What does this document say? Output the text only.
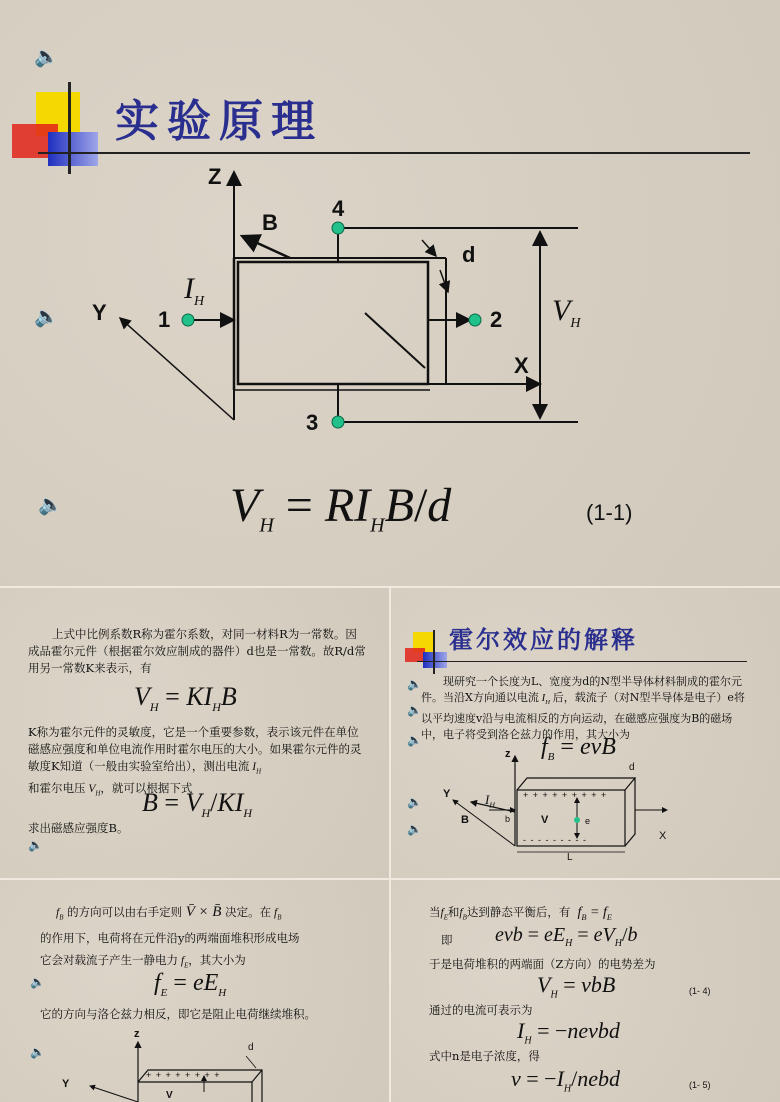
🔈
🔈
🔈
实验原理
Z
Y
X
B
d
1	2
3
4
$I_H$	$V_H$
$V_H = RI_HB/d$	(1-1)
上式中比例系数R称为霍尔系数，对同一材料R为一常数。因成品霍尔元件（根据霍尔效应制成的器件）d也是一常数。故R/d常用另一常数K来表示，有
$V_H = KI_HB$
K称为霍尔元件的灵敏度，它是一个重要参数，表示该元件在单位磁感应强度和单位电流作用时霍尔电压的大小。如果霍尔元件的灵敏度K知道（一般由实验室给出），测出电流 $I_H$
和霍尔电压 $V_H$，就可以根据下式
$B = V_H/KI_H$
求出磁感应强度B。
🔈
霍尔效应的解释
🔈
🔈
🔈
🔈
🔈
现研究一个长度为L、宽度为d的N型半导体材料制成的霍尔元件。当沿X方向通以电流 $I_H$ 后，载流子（对N型半导体是电子）e将以平均速度v沿与电流相反的方向运动，在磁感应强度为B的磁场中，电子将受到洛仑兹力的作用，其大小为
$f_B$ = evB
z
Y
B
X
d
L
b	V	e
+ + + + + + + + +
- - - - - - - - -
$I_H$
$f_B$ 的方向可以由右手定则 V̄ × B̄ 决定。在 $f_B$
的作用下，电荷将在元件沿y的两端面堆积形成电场
它会对载流子产生一静电力 $f_E$，其大小为
$f_E = eE_H$
它的方向与洛仑兹力相反，即它是阻止电荷继续堆积。
🔈
🔈
z
Y
d
V
+ + + + + + + +
当$f_E$和$f_B$达到静态平衡后，有  $f_B = f_E$
即 evb = $eE_H = eV_H/b$
于是电荷堆积的两端面（Z方向）的电势差为
$V_H$ = vbB	(1- 4)
通过的电流可表示为
$I_H$ = −nevbd
式中n是电子浓度，得
$v = -I_H$/nebd	(1- 5)
